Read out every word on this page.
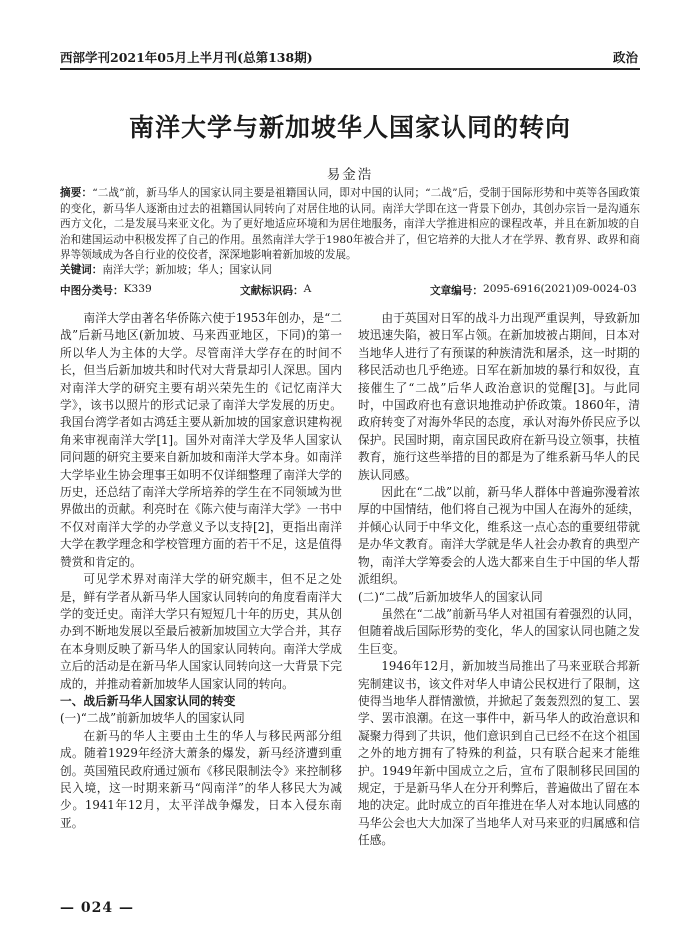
西部学刊2021年05月上半月刊(总第138期)	政治
南洋大学与新加坡华人国家认同的转向
易金浩
摘要：“二战”前，新马华人的国家认同主要是祖籍国认同，即对中国的认同；“二战”后，受制于国际形势和中英等各国政策的变化，新马华人逐渐由过去的祖籍国认同转向了对居住地的认同。南洋大学即在这一背景下创办，其创办宗旨一是沟通东西方文化，二是发展马来亚文化。为了更好地适应环境和为居住地服务，南洋大学推进相应的课程改革，并且在新加坡的自治和建国运动中积极发挥了自己的作用。虽然南洋大学于1980年被合并了，但它培养的大批人才在学界、教育界、政界和商界等领域成为各自行业的佼佼者，深深地影响着新加坡的发展。
关键词：南洋大学；新加坡；华人；国家认同
中图分类号： K339	文献标识码： A	文章编号： 2095-6916(2021)09-0024-03

南洋大学由著名华侨陈六使于1953年创办，是“二战”后新马地区(新加坡、马来西亚地区，下同)的第一所以华人为主体的大学。尽管南洋大学存在的时间不长，但当后新加坡共和时代对大背景却引人深思。国内对南洋大学的研究主要有胡兴荣先生的《记忆南洋大学》，该书以照片的形式记录了南洋大学发展的历史。我国台湾学者如古鸿廷主要从新加坡的国家意识建构视角来审视南洋大学[1]。国外对南洋大学及华人国家认同问题的研究主要来自新加坡和南洋大学本身。如南洋大学毕业生协会理事王如明不仅详细整理了南洋大学的历史，还总结了南洋大学所培养的学生在不同领域为世界做出的贡献。利亮时在《陈六使与南洋大学》一书中不仅对南洋大学的办学意义予以支持[2]，更指出南洋大学在教学理念和学校管理方面的若干不足，这是值得赞赏和肯定的。

可见学术界对南洋大学的研究颇丰，但不足之处是，鲜有学者从新马华人国家认同转向的角度看南洋大学的变迁史。南洋大学只有短短几十年的历史，其从创办到不断地发展以至最后被新加坡国立大学合并，其存在本身则反映了新马华人的国家认同转向。南洋大学成立后的活动是在新马华人国家认同转向这一大背景下完成的，并推动着新加坡华人国家认同的转向。

一、战后新马华人国家认同的转变

(一)“二战”前新加坡华人的国家认同

在新马的华人主要由土生的华人与移民两部分组成。随着1929年经济大萧条的爆发，新马经济遭到重创。英国殖民政府通过颁布《移民限制法令》来控制移民入境，这一时期来新马“闯南洋”的华人移民大为减少。1941年12月，太平洋战争爆发，日本入侵东南亚。

由于英国对日军的战斗力出现严重误判，导致新加坡迅速失陷，被日军占领。在新加坡被占期间，日本对当地华人进行了有预谋的种族清洗和屠杀，这一时期的移民活动也几乎绝迹。日军在新加坡的暴行和奴役，直接催生了“二战”后华人政治意识的觉醒[3]。与此同时，中国政府也有意识地推动护侨政策。1860年，清政府转变了对海外华民的态度，承认对海外侨民应予以保护。民国时期，南京国民政府在新马设立领事，扶植教育，施行这些举措的目的都是为了维系新马华人的民族认同感。

因此在“二战”以前，新马华人群体中普遍弥漫着浓厚的中国情结，他们将自己视为中国人在海外的延续，并倾心认同于中华文化，维系这一点心态的重要纽带就是办华文教育。南洋大学就是华人社会办教育的典型产物，南洋大学筹委会的人选大都来自生于中国的华人帮派组织。

(二)“二战”后新加坡华人的国家认同

虽然在“二战”前新马华人对祖国有着强烈的认同，但随着战后国际形势的变化，华人的国家认同也随之发生巨变。

1946年12月，新加坡当局推出了马来亚联合邦新宪制建议书，该文件对华人申请公民权进行了限制，这使得当地华人群情激愤，并掀起了轰轰烈烈的复工、罢学、罢市浪潮。在这一事件中，新马华人的政治意识和凝聚力得到了共识，他们意识到自己已经不在这个祖国之外的地方拥有了特殊的利益，只有联合起来才能维护。1949年新中国成立之后，宣布了限制移民回国的规定，于是新马华人在分开利弊后，普遍做出了留在本地的决定。此时成立的百年推进在华人对本地认同感的马华公会也大大加深了当地华人对马来亚的归属感和信任感。

— 024 —
